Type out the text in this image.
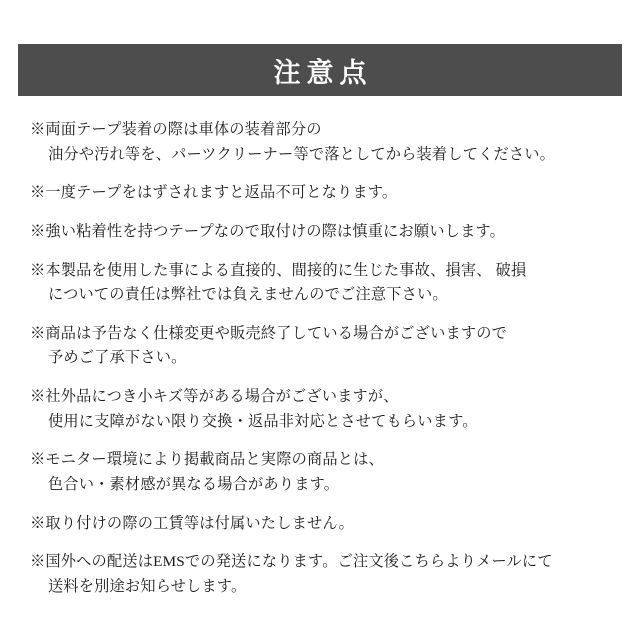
注意点
※両面テープ装着の際は車体の装着部分の
油分や汚れ等を、パーツクリーナー等で落としてから装着してください。
※一度テープをはずされますと返品不可となります。
※強い粘着性を持つテープなので取付けの際は慎重にお願いします。
※本製品を使用した事による直接的、間接的に生じた事故、損害、 破損
についての責任は弊社では負えませんのでご注意下さい。
※商品は予告なく仕様変更や販売終了している場合がございますので
予めご了承下さい。
※社外品につき小キズ等がある場合がございますが、
使用に支障がない限り交換・返品非対応とさせてもらいます。
※モニター環境により掲載商品と実際の商品とは、
色合い・素材感が異なる場合があります。
※取り付けの際の工賃等は付属いたしません。
※国外への配送はEMSでの発送になります。ご注文後こちらよりメールにて
送料を別途お知らせします。
